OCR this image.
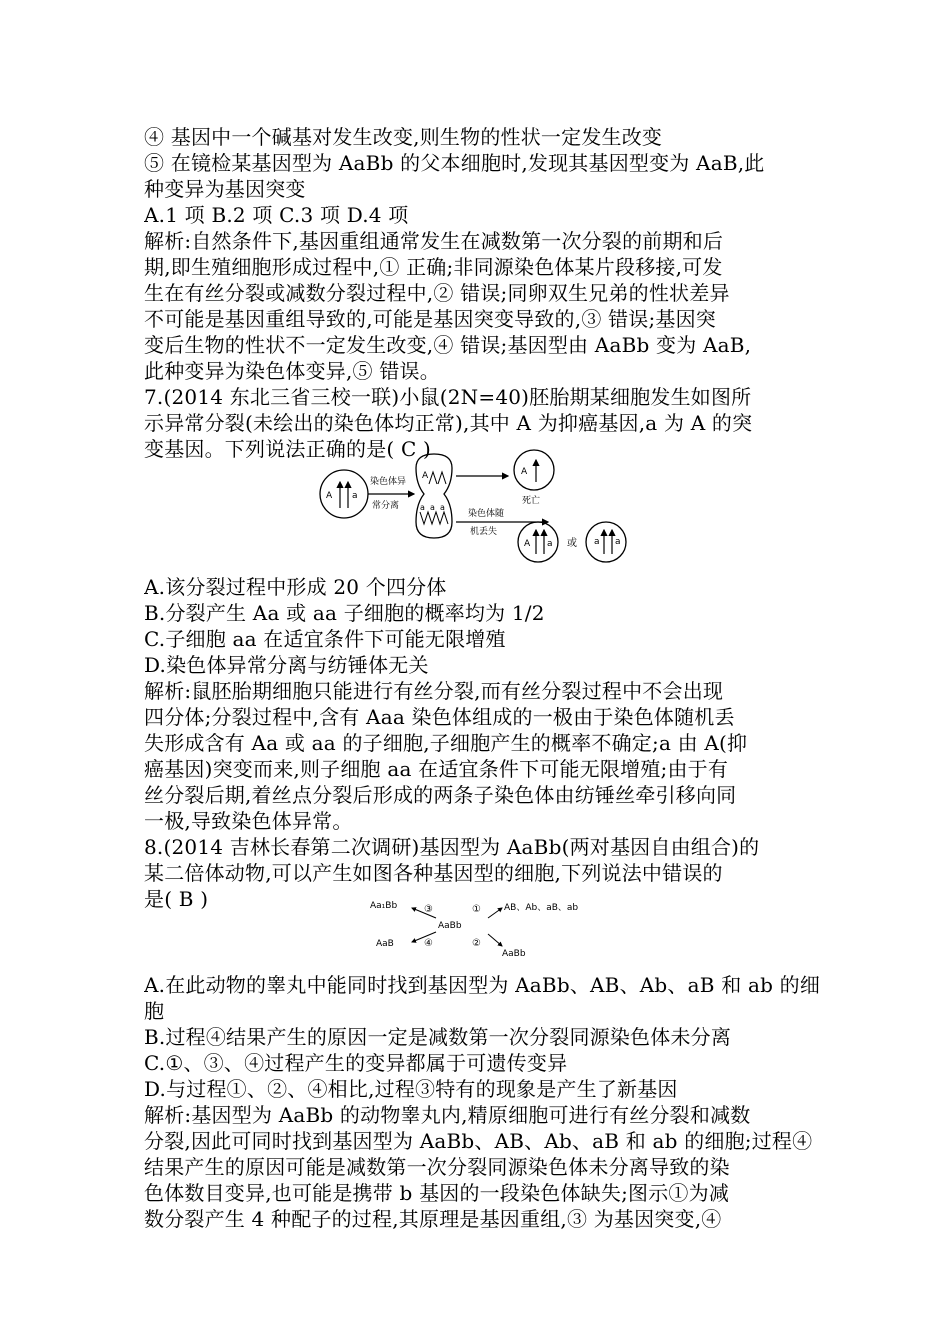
④ 基因中一个碱基对发生改变,则生物的性状一定发生改变
⑤ 在镜检某基因型为 AaBb 的父本细胞时,发现其基因型变为 AaB,此
种变异为基因突变
A.1 项 B.2 项 C.3 项 D.4 项
解析:自然条件下,基因重组通常发生在减数第一次分裂的前期和后
期,即生殖细胞形成过程中,① 正确;非同源染色体某片段移接,可发
生在有丝分裂或减数分裂过程中,② 错误;同卵双生兄弟的性状差异
不可能是基因重组导致的,可能是基因突变导致的,③ 错误;基因突
变后生物的性状不一定发生改变,④ 错误;基因型由 AaBb 变为 AaB,
此种变异为染色体变异,⑤ 错误。
7.(2014 东北三省三校一联)小鼠(2N=40)胚胎期某细胞发生如图所
示异常分裂(未绘出的染色体均正常),其中 A 为抑癌基因,a 为 A 的突
变基因。下列说法正确的是( C )
A.该分裂过程中形成 20 个四分体
B.分裂产生 Aa 或 aa 子细胞的概率均为 1/2
C.子细胞 aa 在适宜条件下可能无限增殖
D.染色体异常分离与纺锤体无关
解析:鼠胚胎期细胞只能进行有丝分裂,而有丝分裂过程中不会出现
四分体;分裂过程中,含有 Aaa 染色体组成的一极由于染色体随机丢
失形成含有 Aa 或 aa 的子细胞,子细胞产生的概率不确定;a 由 A(抑
癌基因)突变而来,则子细胞 aa 在适宜条件下可能无限增殖;由于有
丝分裂后期,着丝点分裂后形成的两条子染色体由纺锤丝牵引移向同
一极,导致染色体异常。
8.(2014 吉林长春第二次调研)基因型为 AaBb(两对基因自由组合)的
某二倍体动物,可以产生如图各种基因型的细胞,下列说法中错误的
是( B )
A.在此动物的睾丸中能同时找到基因型为 AaBb、AB、Ab、aB 和 ab 的细
胞
B.过程④结果产生的原因一定是减数第一次分裂同源染色体未分离
C.①、③、④过程产生的变异都属于可遗传变异
D.与过程①、②、④相比,过程③特有的现象是产生了新基因
解析:基因型为 AaBb 的动物睾丸内,精原细胞可进行有丝分裂和减数
分裂,因此可同时找到基因型为 AaBb、AB、Ab、aB 和 ab 的细胞;过程④
结果产生的原因可能是减数第一次分裂同源染色体未分离导致的染
色体数目变异,也可能是携带 b 基因的一段染色体缺失;图示①为减
数分裂产生 4 种配子的过程,其原理是基因重组,③ 为基因突变,④
A a
染色体异
常分离
A
a a a
A
死亡
染色体随
机丢失
A a 或 a a
AaBb
③
Aa₁Bb
④
AaB
①	AB、Ab、aB、ab
②
AaBb
